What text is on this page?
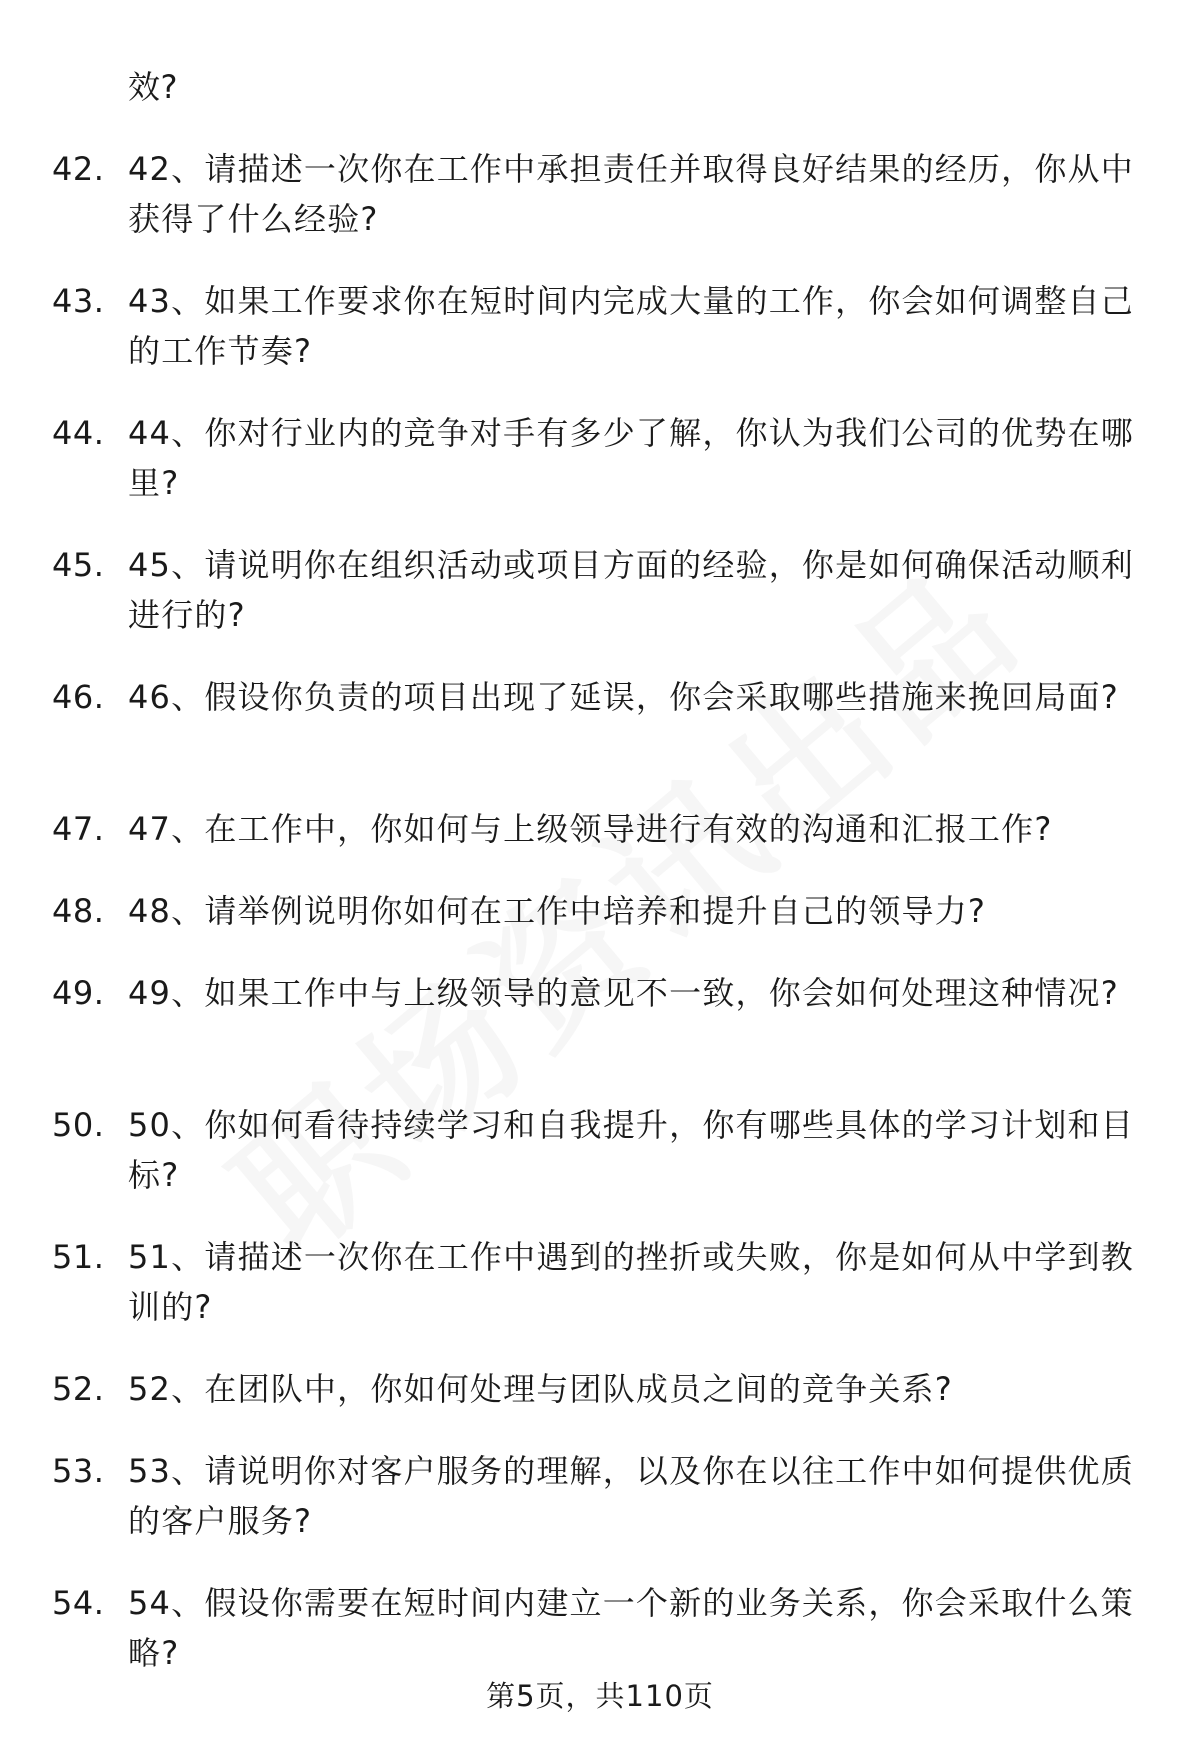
效?
42. 42、请描述一次你在工作中承担责任并取得良好结果的经历，你从中获得了什么经验?
43. 43、如果工作要求你在短时间内完成大量的工作，你会如何调整自己的工作节奏?
44. 44、你对行业内的竞争对手有多少了解，你认为我们公司的优势在哪里?
45. 45、请说明你在组织活动或项目方面的经验，你是如何确保活动顺利进行的?
46. 46、假设你负责的项目出现了延误，你会采取哪些措施来挽回局面?
47. 47、在工作中，你如何与上级领导进行有效的沟通和汇报工作?
48. 48、请举例说明你如何在工作中培养和提升自己的领导力?
49. 49、如果工作中与上级领导的意见不一致，你会如何处理这种情况?
50. 50、你如何看待持续学习和自我提升，你有哪些具体的学习计划和目标?
51. 51、请描述一次你在工作中遇到的挫折或失败，你是如何从中学到教训的?
52. 52、在团队中，你如何处理与团队成员之间的竞争关系?
53. 53、请说明你对客户服务的理解，以及你在以往工作中如何提供优质的客户服务?
54. 54、假设你需要在短时间内建立一个新的业务关系，你会采取什么策略?
第5页，共110页
